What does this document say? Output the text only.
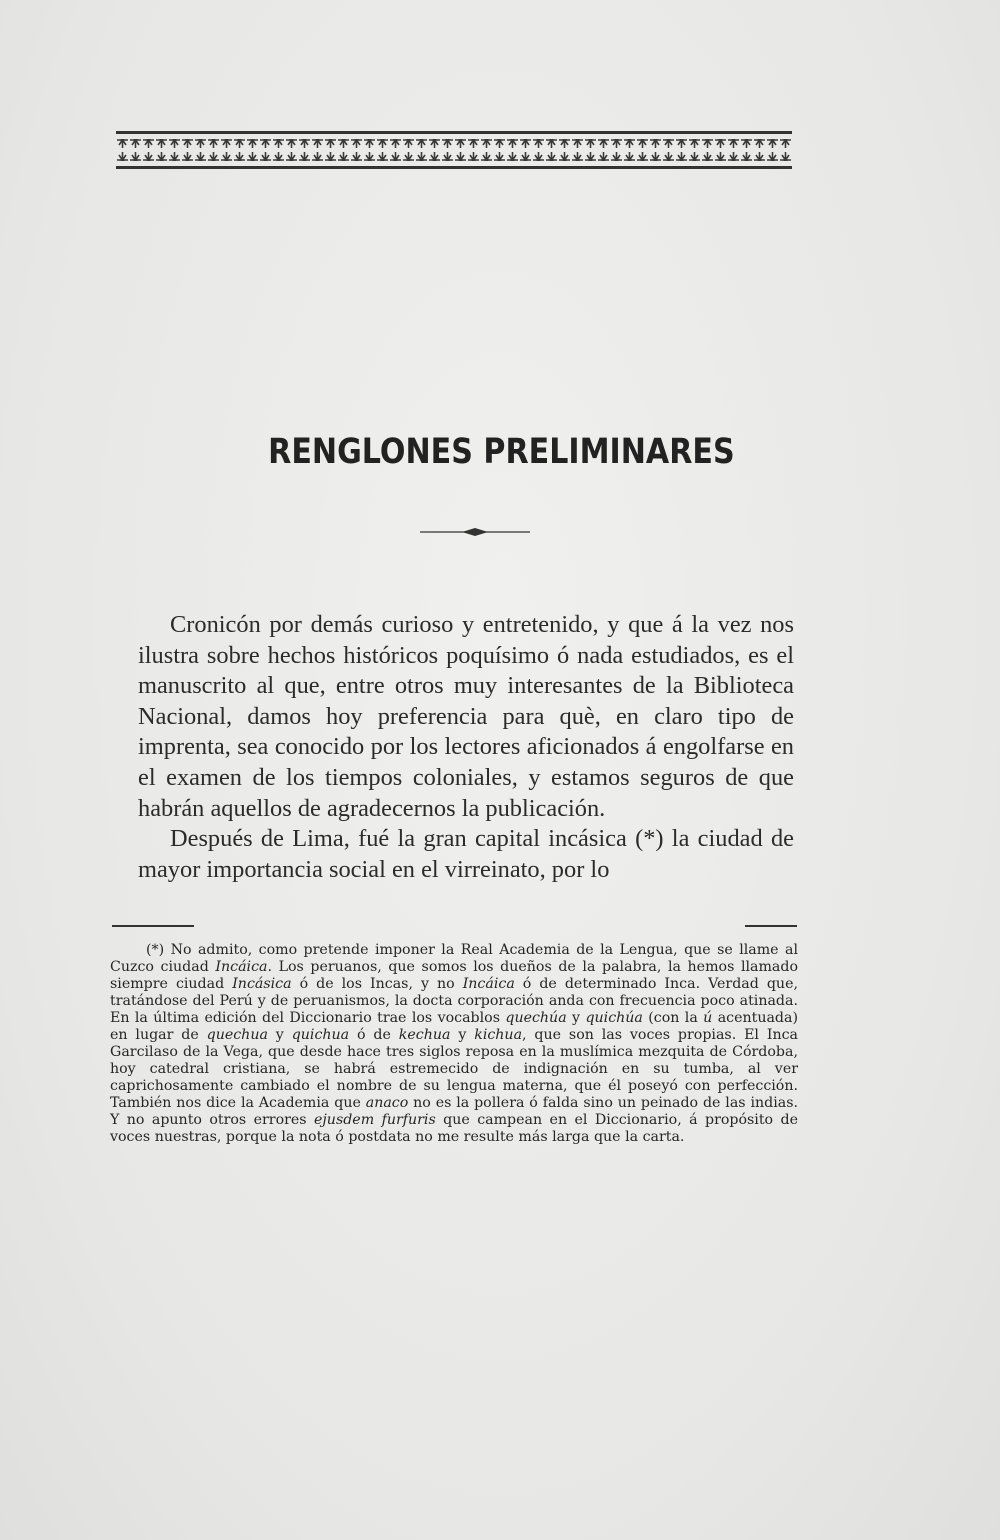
RENGLONES PRELIMINARES

Cronicón por demás curioso y entretenido, y que á la vez nos ilustra sobre hechos históricos poquísimo ó nada estudiados, es el manuscrito al que, entre otros muy interesantes de la Biblioteca Nacional, damos hoy preferencia para què, en claro tipo de imprenta, sea conocido por los lectores aficionados á engolfarse en el examen de los tiempos coloniales, y estamos seguros de que habrán aquellos de agradecernos la publicación.

Después de Lima, fué la gran capital incásica (*) la ciudad de mayor importancia social en el virreinato, por lo

(*) No admito, como pretende imponer la Real Academia de la Lengua, que se llame al Cuzco ciudad Incáica. Los peruanos, que somos los dueños de la palabra, la hemos llamado siempre ciudad Incásica ó de los Incas, y no Incáica ó de determinado Inca. Verdad que, tratándose del Perú y de peruanismos, la docta corporación anda con frecuencia poco atinada. En la última edición del Diccionario trae los vocablos quechúa y quichúa (con la ú acentuada) en lugar de quechua y quichua ó de kechua y kichua, que son las voces propias. El Inca Garcilaso de la Vega, que desde hace tres siglos reposa en la muslímica mezquita de Córdoba, hoy catedral cristiana, se habrá estremecido de indignación en su tumba, al ver caprichosamente cambiado el nombre de su lengua materna, que él poseyó con perfección. También nos dice la Academia que anaco no es la pollera ó falda sino un peinado de las indias. Y no apunto otros errores ejusdem furfuris que campean en el Diccionario, á propósito de voces nuestras, porque la nota ó postdata no me resulte más larga que la carta.
